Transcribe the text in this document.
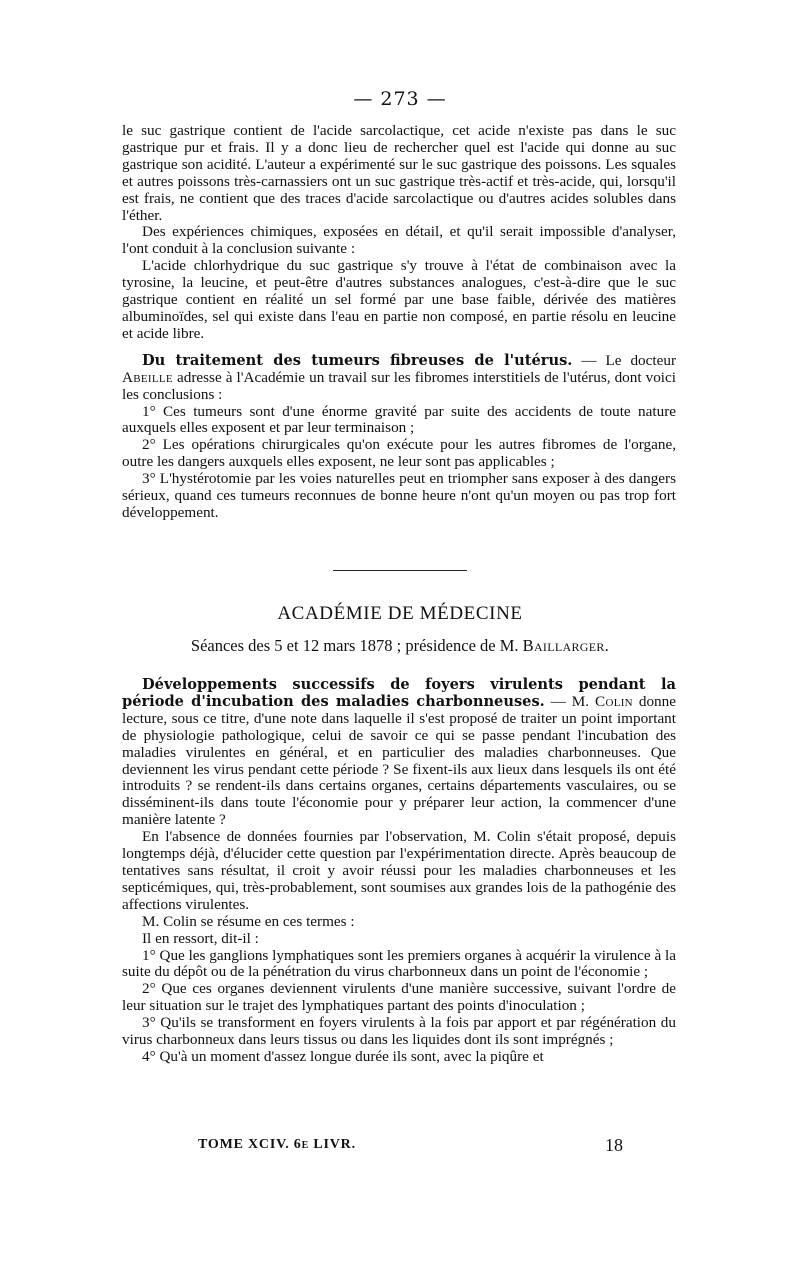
— 273 —

le suc gastrique contient de l'acide sarcolactique, cet acide n'existe pas dans le suc gastrique pur et frais. Il y a donc lieu de rechercher quel est l'acide qui donne au suc gastrique son acidité. L'auteur a expérimenté sur le suc gastrique des poissons. Les squales et autres poissons très-carnassiers ont un suc gastrique très-actif et très-acide, qui, lorsqu'il est frais, ne contient que des traces d'acide sarcolactique ou d'autres acides solubles dans l'éther.

Des expériences chimiques, exposées en détail, et qu'il serait impossible d'analyser, l'ont conduit à la conclusion suivante :

L'acide chlorhydrique du suc gastrique s'y trouve à l'état de combinaison avec la tyrosine, la leucine, et peut-être d'autres substances analogues, c'est-à-dire que le suc gastrique contient en réalité un sel formé par une base faible, dérivée des matières albuminoïdes, sel qui existe dans l'eau en partie non composé, en partie résolu en leucine et acide libre.

Du traitement des tumeurs fibreuses de l'utérus. — Le docteur Abeille adresse à l'Académie un travail sur les fibromes interstitiels de l'utérus, dont voici les conclusions :

1° Ces tumeurs sont d'une énorme gravité par suite des accidents de toute nature auxquels elles exposent et par leur terminaison ;

2° Les opérations chirurgicales qu'on exécute pour les autres fibromes de l'organe, outre les dangers auxquels elles exposent, ne leur sont pas applicables ;

3° L'hystérotomie par les voies naturelles peut en triompher sans exposer à des dangers sérieux, quand ces tumeurs reconnues de bonne heure n'ont qu'un moyen ou pas trop fort développement.

ACADÉMIE DE MÉDECINE
Séances des 5 et 12 mars 1878 ; présidence de M. Baillarger.

Développements successifs de foyers virulents pendant la période d'incubation des maladies charbonneuses. — M. Colin donne lecture, sous ce titre, d'une note dans laquelle il s'est proposé de traiter un point important de physiologie pathologique, celui de savoir ce qui se passe pendant l'incubation des maladies virulentes en général, et en particulier des maladies charbonneuses. Que deviennent les virus pendant cette période ? Se fixent-ils aux lieux dans lesquels ils ont été introduits ? se rendent-ils dans certains organes, certains départements vasculaires, ou se disséminent-ils dans toute l'économie pour y préparer leur action, la commencer d'une manière latente ?

En l'absence de données fournies par l'observation, M. Colin s'était proposé, depuis longtemps déjà, d'élucider cette question par l'expérimentation directe. Après beaucoup de tentatives sans résultat, il croit y avoir réussi pour les maladies charbonneuses et les septicémiques, qui, très-probablement, sont soumises aux grandes lois de la pathogénie des affections virulentes.

M. Colin se résume en ces termes :

Il en ressort, dit-il :

1° Que les ganglions lymphatiques sont les premiers organes à acquérir la virulence à la suite du dépôt ou de la pénétration du virus charbonneux dans un point de l'économie ;

2° Que ces organes deviennent virulents d'une manière successive, suivant l'ordre de leur situation sur le trajet des lymphatiques partant des points d'inoculation ;

3° Qu'ils se transforment en foyers virulents à la fois par apport et par régénération du virus charbonneux dans leurs tissus ou dans les liquides dont ils sont imprégnés ;

4° Qu'à un moment d'assez longue durée ils sont, avec la piqûre et

TOME XCIV. 6e LIVR.	18
